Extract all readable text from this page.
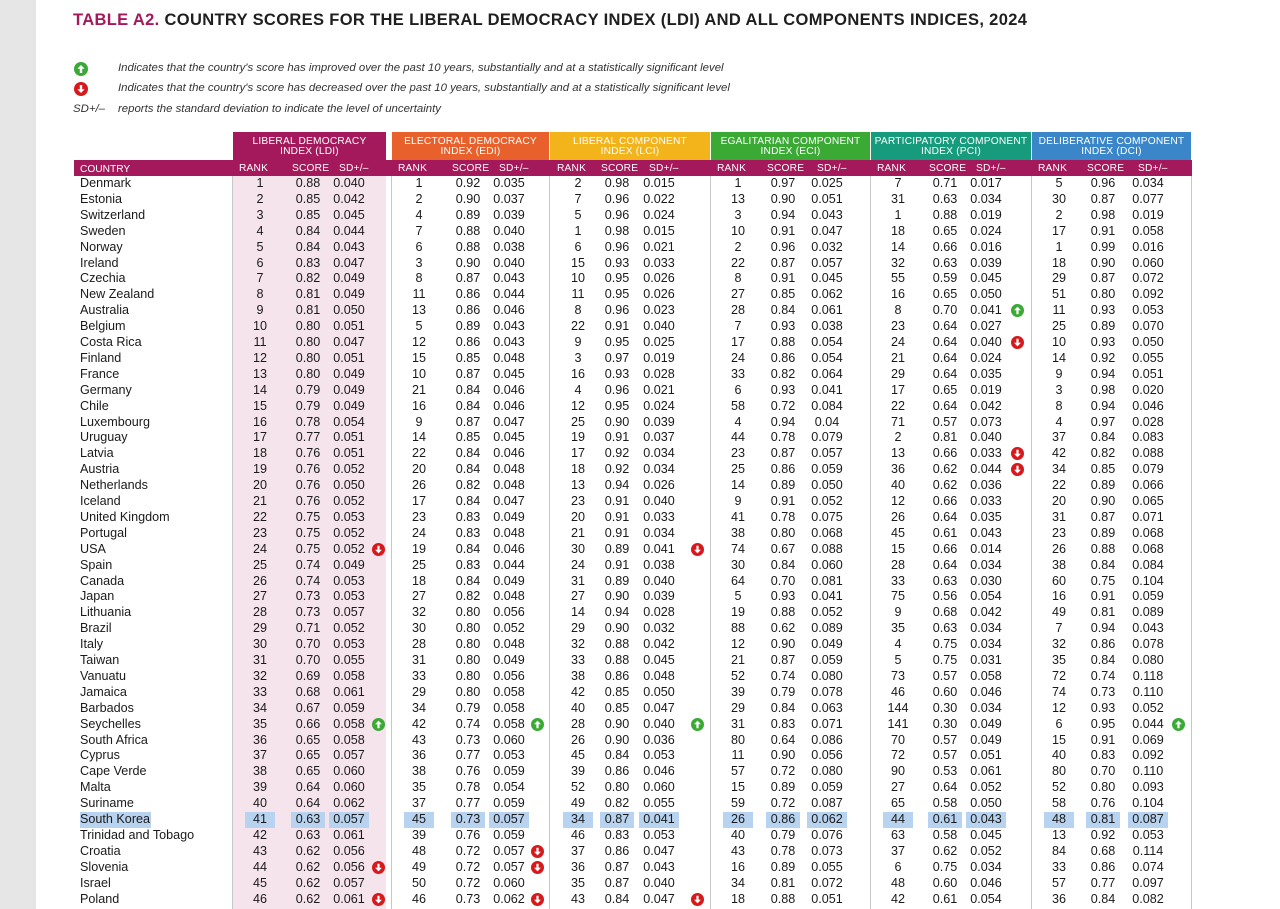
TABLE A2. COUNTRY SCORES FOR THE LIBERAL DEMOCRACY INDEX (LDI) AND ALL COMPONENTS INDICES, 2024
Indicates that the country's score has improved over the past 10 years, substantially and at a statistically significant level
Indicates that the country's score has decreased over the past 10 years, substantially and at a statistically significant level
SD+/– reports the standard deviation to indicate the level of uncertainty
LIBERAL DEMOCRACY
INDEX (LDI)
ELECTORAL DEMOCRACY
INDEX (EDI)
LIBERAL COMPONENT
INDEX (LCI)
EGALITARIAN COMPONENT
INDEX (ECI)
PARTICIPATORY COMPONENT
INDEX (PCI)
DELIBERATIVE COMPONENT
INDEX (DCI)
COUNTRY	RANK SCORE SD+/–	RANK SCORE SD+/–	RANK SCORE SD+/–	RANK SCORE SD+/–	RANK SCORE SD+/–	RANK SCORE SD+/–
Denmark	1	0.88	0.040	1	0.92	0.035	2	0.98	0.015	1	0.97	0.025	7	0.71	0.017	5	0.96	0.034
Estonia	2	0.85	0.042	2	0.90	0.037	7	0.96	0.022	13	0.90	0.051	31	0.63	0.034	30	0.87	0.077
Switzerland	3	0.85	0.045	4	0.89	0.039	5	0.96	0.024	3	0.94	0.043	1	0.88	0.019	2	0.98	0.019
Sweden	4	0.84	0.044	7	0.88	0.040	1	0.98	0.015	10	0.91	0.047	18	0.65	0.024	17	0.91	0.058
Norway	5	0.84	0.043	6	0.88	0.038	6	0.96	0.021	2	0.96	0.032	14	0.66	0.016	1	0.99	0.016
Ireland	6	0.83	0.047	3	0.90	0.040	15	0.93	0.033	22	0.87	0.057	32	0.63	0.039	18	0.90	0.060
Czechia	7	0.82	0.049	8	0.87	0.043	10	0.95	0.026	8	0.91	0.045	55	0.59	0.045	29	0.87	0.072
New Zealand	8	0.81	0.049	11	0.86	0.044	11	0.95	0.026	27	0.85	0.062	16	0.65	0.050	51	0.80	0.092
Australia	9	0.81	0.050	13	0.86	0.046	8	0.96	0.023	28	0.84	0.061	8	0.70	0.041	11	0.93	0.053
Belgium	10	0.80	0.051	5	0.89	0.043	22	0.91	0.040	7	0.93	0.038	23	0.64	0.027	25	0.89	0.070
Costa Rica	11	0.80	0.047	12	0.86	0.043	9	0.95	0.025	17	0.88	0.054	24	0.64	0.040	10	0.93	0.050
Finland	12	0.80	0.051	15	0.85	0.048	3	0.97	0.019	24	0.86	0.054	21	0.64	0.024	14	0.92	0.055
France	13	0.80	0.049	10	0.87	0.045	16	0.93	0.028	33	0.82	0.064	29	0.64	0.035	9	0.94	0.051
Germany	14	0.79	0.049	21	0.84	0.046	4	0.96	0.021	6	0.93	0.041	17	0.65	0.019	3	0.98	0.020
Chile	15	0.79	0.049	16	0.84	0.046	12	0.95	0.024	58	0.72	0.084	22	0.64	0.042	8	0.94	0.046
Luxembourg	16	0.78	0.054	9	0.87	0.047	25	0.90	0.039	4	0.94	0.04	71	0.57	0.073	4	0.97	0.028
Uruguay	17	0.77	0.051	14	0.85	0.045	19	0.91	0.037	44	0.78	0.079	2	0.81	0.040	37	0.84	0.083
Latvia	18	0.76	0.051	22	0.84	0.046	17	0.92	0.034	23	0.87	0.057	13	0.66	0.033	42	0.82	0.088
Austria	19	0.76	0.052	20	0.84	0.048	18	0.92	0.034	25	0.86	0.059	36	0.62	0.044	34	0.85	0.079
Netherlands	20	0.76	0.050	26	0.82	0.048	13	0.94	0.026	14	0.89	0.050	40	0.62	0.036	22	0.89	0.066
Iceland	21	0.76	0.052	17	0.84	0.047	23	0.91	0.040	9	0.91	0.052	12	0.66	0.033	20	0.90	0.065
United Kingdom	22	0.75	0.053	23	0.83	0.049	20	0.91	0.033	41	0.78	0.075	26	0.64	0.035	31	0.87	0.071
Portugal	23	0.75	0.052	24	0.83	0.048	21	0.91	0.034	38	0.80	0.068	45	0.61	0.043	23	0.89	0.068
USA	24	0.75	0.052	19	0.84	0.046	30	0.89	0.041	74	0.67	0.088	15	0.66	0.014	26	0.88	0.068
Spain	25	0.74	0.049	25	0.83	0.044	24	0.91	0.038	30	0.84	0.060	28	0.64	0.034	38	0.84	0.084
Canada	26	0.74	0.053	18	0.84	0.049	31	0.89	0.040	64	0.70	0.081	33	0.63	0.030	60	0.75	0.104
Japan	27	0.73	0.053	27	0.82	0.048	27	0.90	0.039	5	0.93	0.041	75	0.56	0.054	16	0.91	0.059
Lithuania	28	0.73	0.057	32	0.80	0.056	14	0.94	0.028	19	0.88	0.052	9	0.68	0.042	49	0.81	0.089
Brazil	29	0.71	0.052	30	0.80	0.052	29	0.90	0.032	88	0.62	0.089	35	0.63	0.034	7	0.94	0.043
Italy	30	0.70	0.053	28	0.80	0.048	32	0.88	0.042	12	0.90	0.049	4	0.75	0.034	32	0.86	0.078
Taiwan	31	0.70	0.055	31	0.80	0.049	33	0.88	0.045	21	0.87	0.059	5	0.75	0.031	35	0.84	0.080
Vanuatu	32	0.69	0.058	33	0.80	0.056	38	0.86	0.048	52	0.74	0.080	73	0.57	0.058	72	0.74	0.118
Jamaica	33	0.68	0.061	29	0.80	0.058	42	0.85	0.050	39	0.79	0.078	46	0.60	0.046	74	0.73	0.110
Barbados	34	0.67	0.059	34	0.79	0.058	40	0.85	0.047	29	0.84	0.063	144	0.30	0.034	12	0.93	0.052
Seychelles	35	0.66	0.058	42	0.74	0.058	28	0.90	0.040	31	0.83	0.071	141	0.30	0.049	6	0.95	0.044
South Africa	36	0.65	0.058	43	0.73	0.060	26	0.90	0.036	80	0.64	0.086	70	0.57	0.049	15	0.91	0.069
Cyprus	37	0.65	0.057	36	0.77	0.053	45	0.84	0.053	11	0.90	0.056	72	0.57	0.051	40	0.83	0.092
Cape Verde	38	0.65	0.060	38	0.76	0.059	39	0.86	0.046	57	0.72	0.080	90	0.53	0.061	80	0.70	0.110
Malta	39	0.64	0.060	35	0.78	0.054	52	0.80	0.060	15	0.89	0.059	27	0.64	0.052	52	0.80	0.093
Suriname	40	0.64	0.062	37	0.77	0.059	49	0.82	0.055	59	0.72	0.087	65	0.58	0.050	58	0.76	0.104
South Korea	41	0.63	0.057	45	0.73	0.057	34	0.87	0.041	26	0.86	0.062	44	0.61	0.043	48	0.81	0.087
Trinidad and Tobago	42	0.63	0.061	39	0.76	0.059	46	0.83	0.053	40	0.79	0.076	63	0.58	0.045	13	0.92	0.053
Croatia	43	0.62	0.056	48	0.72	0.057	37	0.86	0.047	43	0.78	0.073	37	0.62	0.052	84	0.68	0.114
Slovenia	44	0.62	0.056	49	0.72	0.057	36	0.87	0.043	16	0.89	0.055	6	0.75	0.034	33	0.86	0.074
Israel	45	0.62	0.057	50	0.72	0.060	35	0.87	0.040	34	0.81	0.072	48	0.60	0.046	57	0.77	0.097
Poland	46	0.62	0.061	46	0.73	0.062	43	0.84	0.047	18	0.88	0.051	42	0.61	0.054	36	0.84	0.082
